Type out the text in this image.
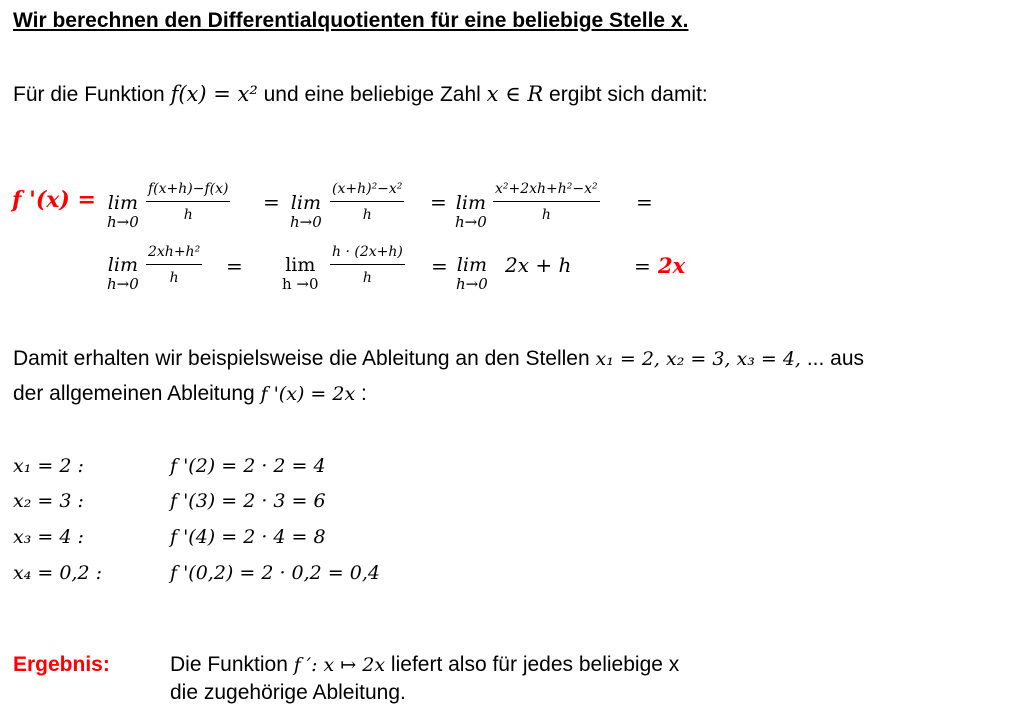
Wir berechnen den Differentialquotienten für eine beliebige Stelle x.
Für die Funktion f(x) = x² und eine beliebige Zahl x ∈ R ergibt sich damit:
f '(x) = lim
$h\to 0 \frac{f(x+h)-f(x)}{h} = \lim$
$h\to 0 \frac{\text{(x+h)²−x²}}{h} = \lim$
$h\to 0 \frac{\text{x²+2xh+h²−x²}}{h}$ =
lim
$h\to 0 \frac{\text{2xh+h²}}{h} = \lim$
$h \to 0 \frac{h \cdot (2x+h)}{h} = \lim$
h→0
2x + h	= 2x
Damit erhalten wir beispielsweise die Ableitung an den Stellen x₁ = 2, x₂ = 3, x₃ = 4, ... aus
der allgemeinen Ableitung f '(x) = 2x :
x₁ = 2 :	f '(2) = 2 · 2 = 4
x₂ = 3 :	f '(3) = 2 · 3 = 6
x₃ = 4 :	f '(4) = 2 · 4 = 8
x₄ = 0,2 :	f '(0,2) = 2 · 0,2 = 0,4
Ergebnis:	Die Funktion f ′: x ↦ 2x liefert also für jedes beliebige x
die zugehörige Ableitung.
